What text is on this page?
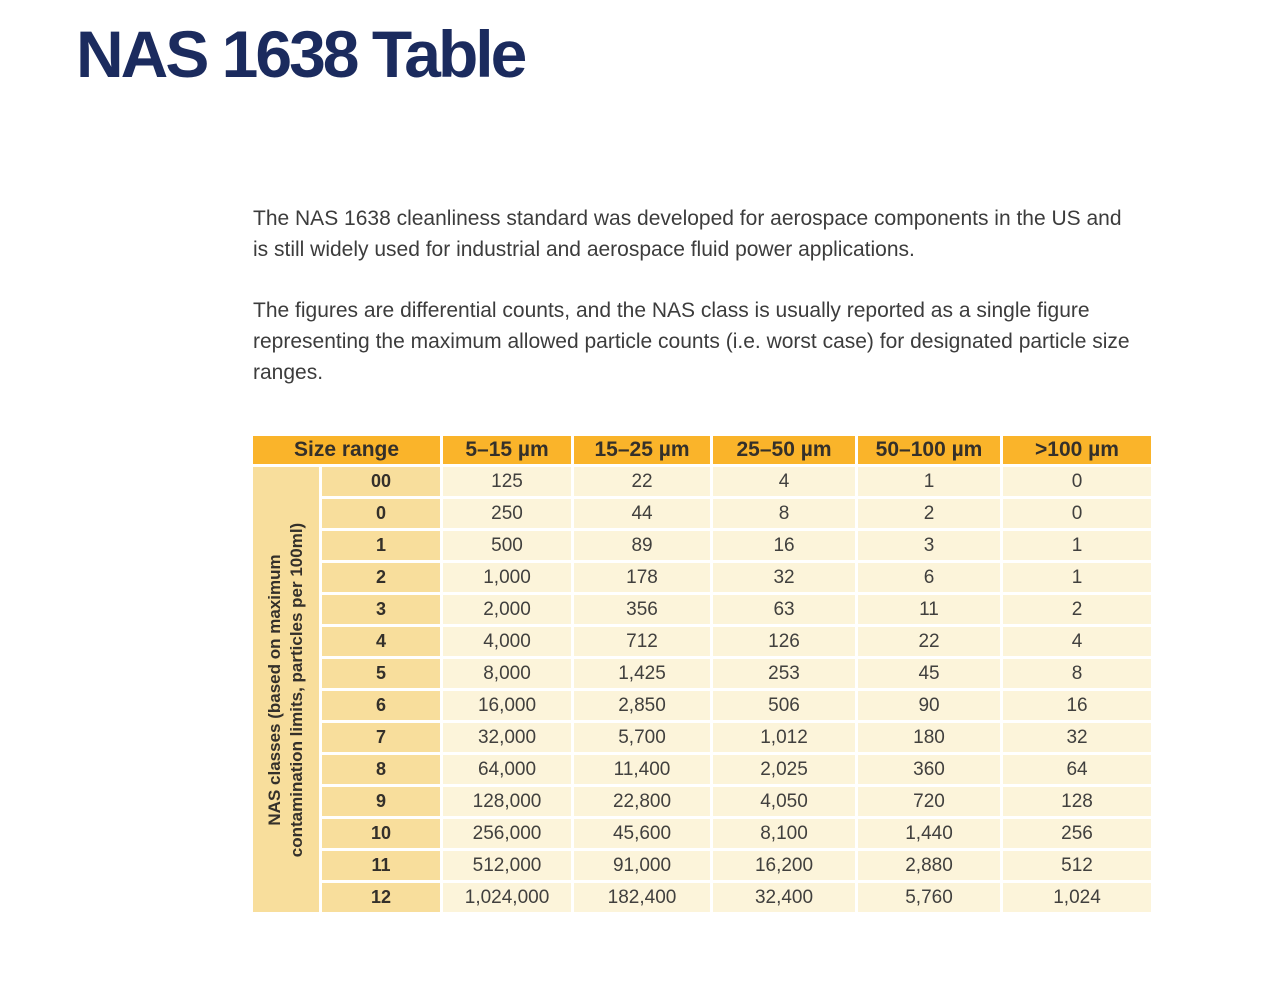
NAS 1638 Table

The NAS 1638 cleanliness standard was developed for aerospace components in the US and is still widely used for industrial and aerospace fluid power applications.

The figures are differential counts, and the NAS class is usually reported as a single figure representing the maximum allowed particle counts (i.e. worst case) for designated particle size ranges.

Size range		5–15 µm	15–25 µm	25–50 µm	50–100 µm	>100 µm

NAS classes (based on maximum contamination limits, particles per 100ml)	00	125	22	4	1	0
	0	250	44	8	2	0
	1	500	89	16	3	1
	2	1,000	178	32	6	1
	3	2,000	356	63	11	2
	4	4,000	712	126	22	4
	5	8,000	1,425	253	45	8
	6	16,000	2,850	506	90	16
	7	32,000	5,700	1,012	180	32
	8	64,000	11,400	2,025	360	64
	9	128,000	22,800	4,050	720	128
	10	256,000	45,600	8,100	1,440	256
	11	512,000	91,000	16,200	2,880	512
	12	1,024,000	182,400	32,400	5,760	1,024
